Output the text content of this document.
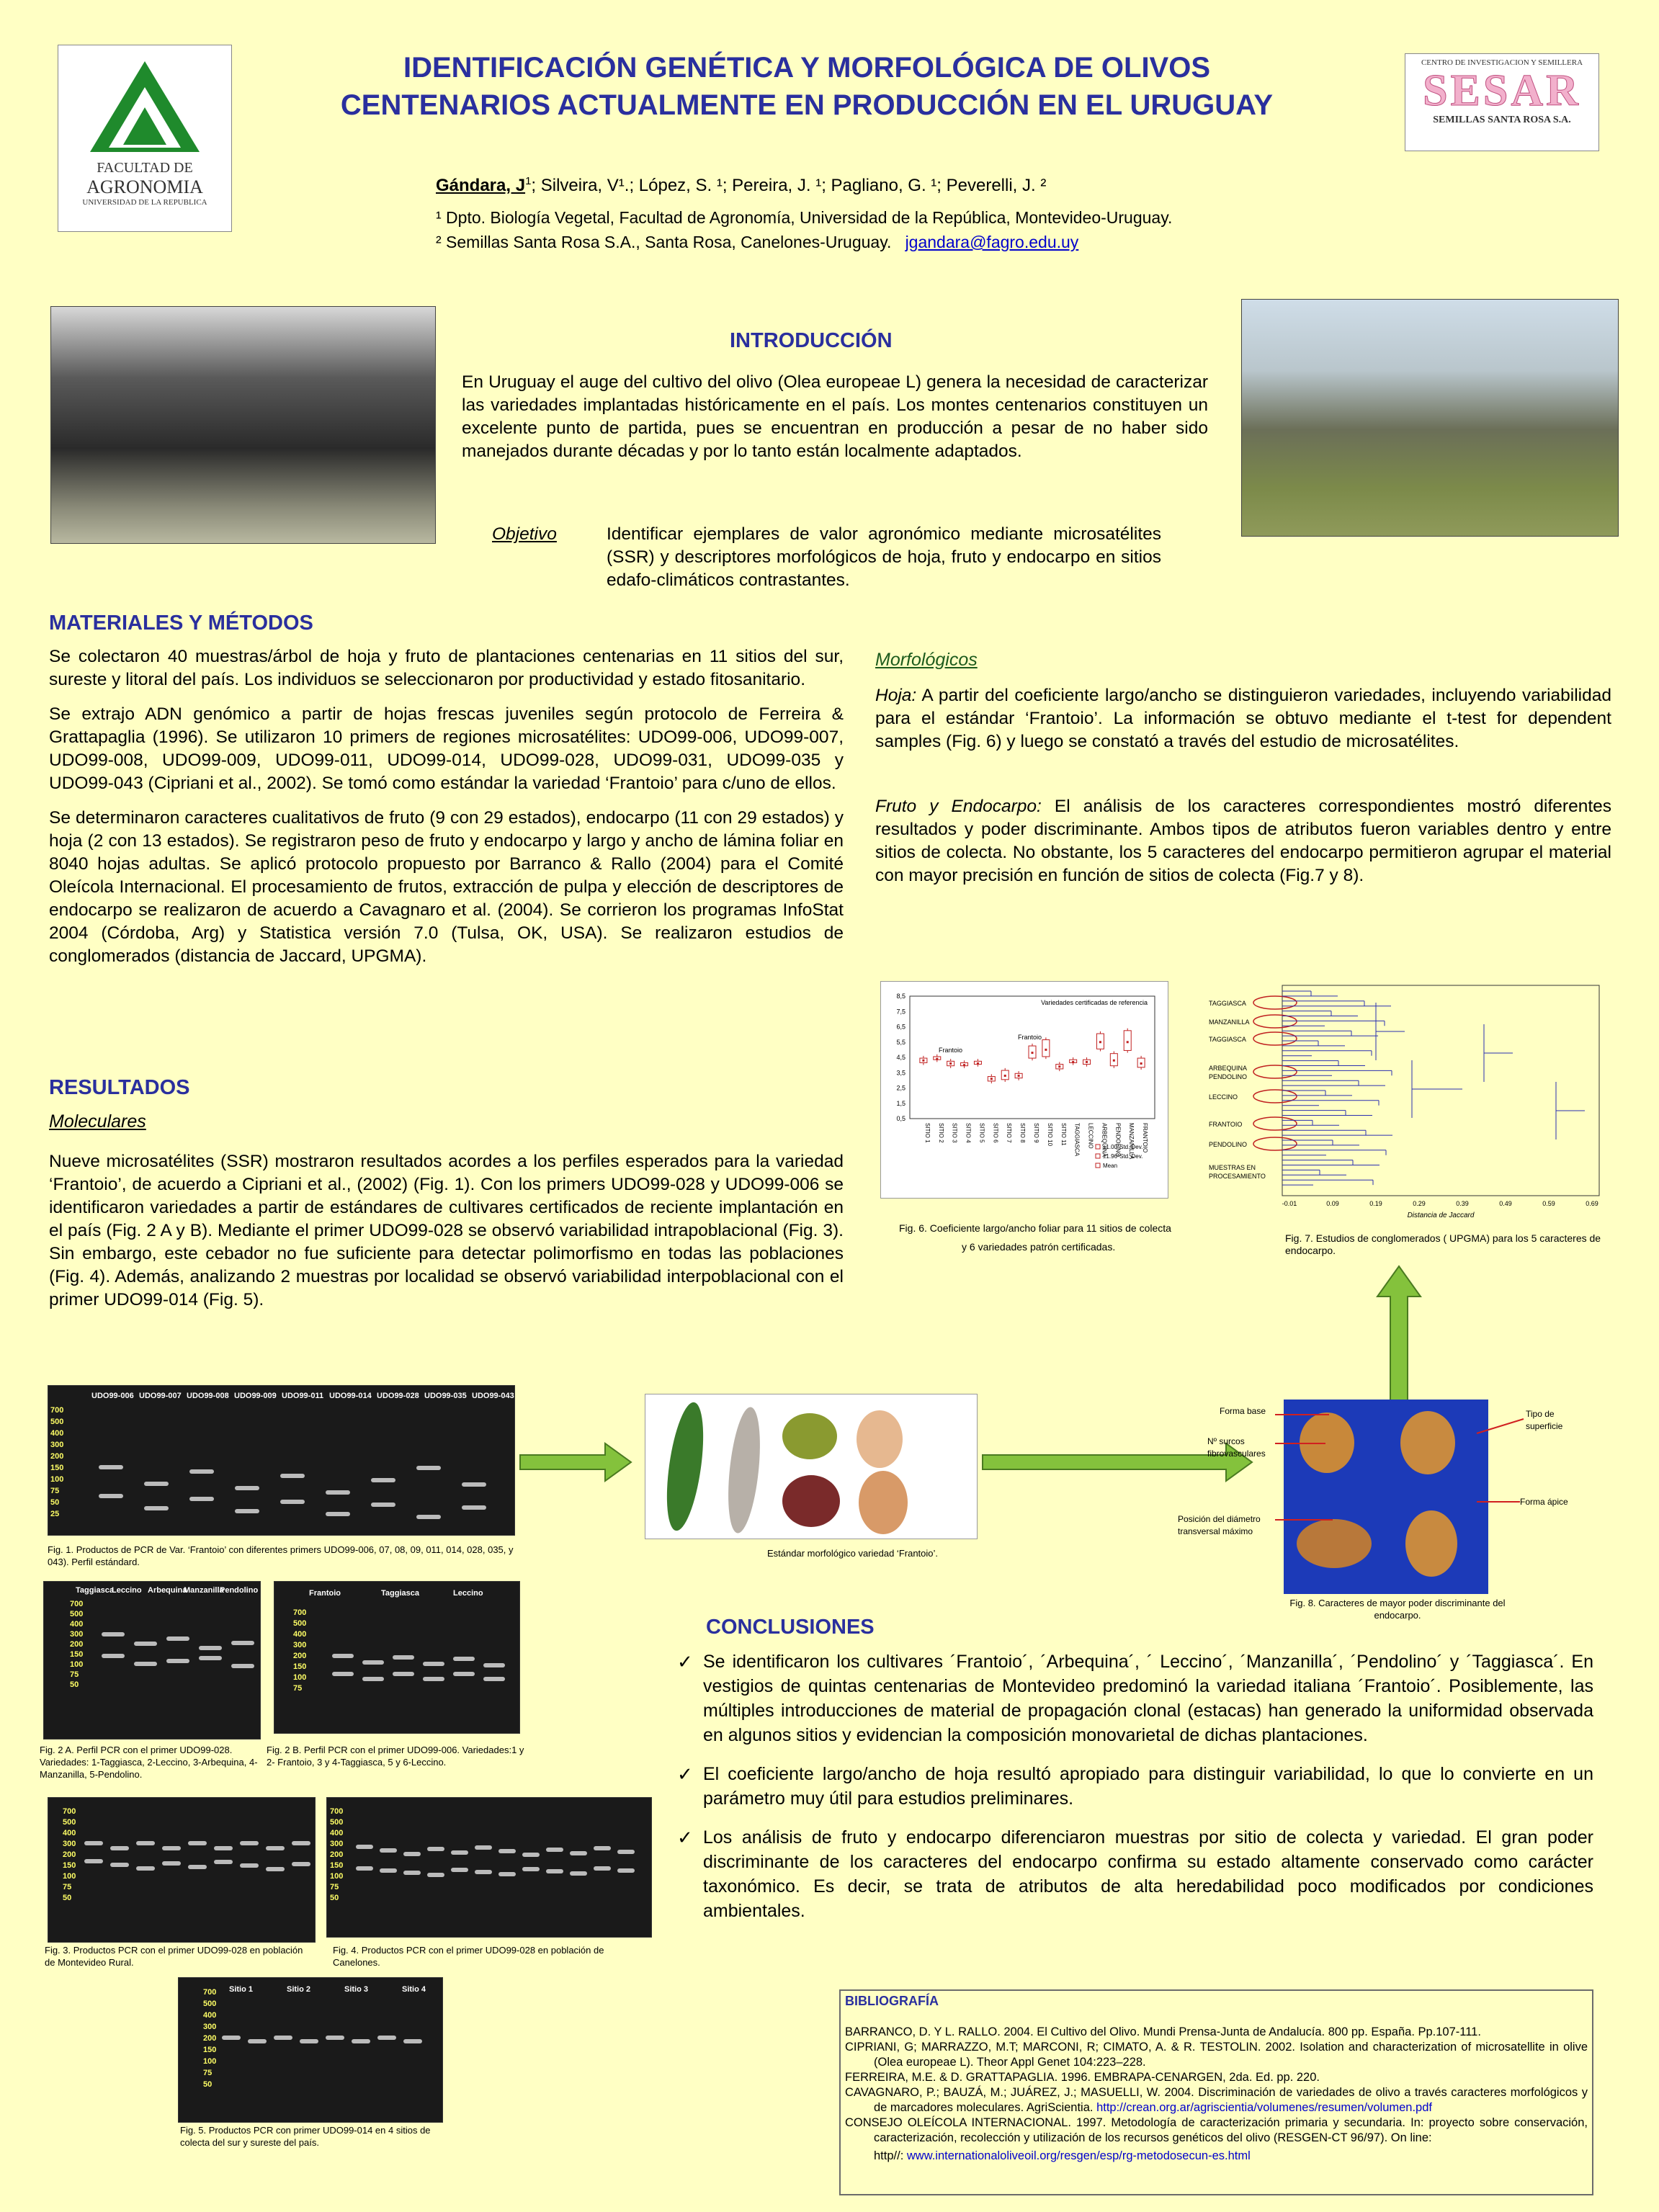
FACULTAD DE
AGRONOMIA
UNIVERSIDAD DE LA REPUBLICA
IDENTIFICACIÓN GENÉTICA Y MORFOLÓGICA DE OLIVOS
CENTENARIOS ACTUALMENTE EN PRODUCCIÓN EN EL URUGUAY
CENTRO DE INVESTIGACION Y SEMILLERA
SESAR
SEMILLAS SANTA ROSA S.A.
Gándara, $J^1$; Silveira, V¹.; López, S. ¹; Pereira, J. ¹; Pagliano, G. ¹; Peverelli, J. ²
¹ Dpto. Biología Vegetal, Facultad de Agronomía, Universidad de la República, Montevideo-Uruguay.
² Semillas Santa Rosa S.A., Santa Rosa, Canelones-Uruguay. jgandara@fagro.edu.uy
INTRODUCCIÓN
En Uruguay el auge del cultivo del olivo (Olea europeae L) genera la necesidad de caracterizar las variedades implantadas históricamente en el país. Los montes centenarios constituyen un excelente punto de partida, pues se encuentran en producción a pesar de no haber sido manejados durante décadas y por lo tanto están localmente adaptados.
Objetivo	Identificar ejemplares de valor agronómico mediante microsatélites (SSR) y descriptores morfológicos de hoja, fruto y endocarpo en sitios edafo-climáticos contrastantes.
MATERIALES Y MÉTODOS

Se colectaron 40 muestras/árbol de hoja y fruto de plantaciones centenarias en 11 sitios del sur, sureste y litoral del país. Los individuos se seleccionaron por productividad y estado fitosanitario.

Se extrajo ADN genómico a partir de hojas frescas juveniles según protocolo de Ferreira & Grattapaglia (1996). Se utilizaron 10 primers de regiones microsatélites: UDO99-006, UDO99-007, UDO99-008, UDO99-009, UDO99-011, UDO99-014, UDO99-028, UDO99-031, UDO99-035 y UDO99-043 (Cipriani et al., 2002). Se tomó como estándar la variedad ‘Frantoio’ para c/uno de ellos.

Se determinaron caracteres cualitativos de fruto (9 con 29 estados), endocarpo (11 con 29 estados) y hoja (2 con 13 estados). Se registraron peso de fruto y endocarpo y largo y ancho de lámina foliar en 8040 hojas adultas. Se aplicó protocolo propuesto por Barranco & Rallo (2004) para el Comité Oleícola Internacional. El procesamiento de frutos, extracción de pulpa y elección de descriptores de endocarpo se realizaron de acuerdo a Cavagnaro et al. (2004). Se corrieron los programas InfoStat 2004 (Córdoba, Arg) y Statistica versión 7.0 (Tulsa, OK, USA). Se realizaron estudios de conglomerados (distancia de Jaccard, UPGMA).

RESULTADOS
Moleculares
Nueve microsatélites (SSR) mostraron resultados acordes a los perfiles esperados para la variedad ‘Frantoio’, de acuerdo a Cipriani et al., (2002) (Fig. 1). Con los primers UDO99-028 y UDO99-006 se identificaron variedades a partir de estándares de cultivares certificados de reciente implantación en el país (Fig. 2 A y B). Mediante el primer UDO99-028 se observó variabilidad intrapoblacional (Fig. 3). Sin embargo, este cebador no fue suficiente para detectar polimorfismo en todas las poblaciones (Fig. 4). Además, analizando 2 muestras por localidad se observó variabilidad interpoblacional con el primer UDO99-014 (Fig. 5).
Morfológicos
Hoja: A partir del coeficiente largo/ancho se distinguieron variedades, incluyendo variabilidad para el estándar ‘Frantoio’. La información se obtuvo mediante el t-test for dependent samples (Fig. 6) y luego se constató a través del estudio de microsatélites.
Fruto y Endocarpo: El análisis de los caracteres correspondientes mostró diferentes resultados y poder discriminante. Ambos tipos de atributos fueron variables dentro y entre sitios de colecta. No obstante, los 5 caracteres del endocarpo permitieron agrupar el material con mayor precisión en función de sitios de colecta (Fig.7 y 8).
8,5
7,5
6,5
5,5
4,5
3,5
2,5
1,5
0,5
SITIO 1 SITIO 2 SITIO 3 SITIO 4 SITIO 5 SITIO 6 SITIO 7 SITIO 8 SITIO 9 SITIO 10 SITIO 11 TAGGIASCA LECCINO ARBEQUINA PENDOLINO MANZANILLA FRANTOIO
Variedades certificadas de referencia
Frantoio
Frantoio
±1.00*Std. Dev.
±1.96*Std. Dev.
Mean
Fig. 6. Coeficiente largo/ancho foliar para 11 sitios de colecta
y 6 variedades patrón certificadas.
TAGGIASCA
MANZANILLA
TAGGIASCA
ARBEQUINA
PENDOLINO
LECCINO
FRANTOIO
PENDOLINO
MUESTRAS EN
PROCESAMIENTO
-0.01	0.09	0.19	0.29	0.39	0.49	0.59	0.69
Distancia de Jaccard
Fig. 7. Estudios de conglomerados ( UPGMA) para los 5 caracteres de endocarpo.
UDO99-006 UDO99-007 UDO99-008 UDO99-009 UDO99-011 UDO99-014 UDO99-028 UDO99-035 UDO99-043
700
500
400
300
200
150
100
75
50
25
Fig. 1. Productos de PCR de Var. ‘Frantoio’ con diferentes primers UDO99-006, 07, 08, 09, 011, 014, 028, 035, y 043). Perfil estándard.
Estándar morfológico variedad ‘Frantoio’.
Forma base
Nº surcos fibrovasculares
Posición del diámetro transversal máximo
Tipo de superficie
Forma ápice
Fig. 8. Caracteres de mayor poder discriminante del endocarpo.
Taggiasca
Leccino Arbequina
Manzanilla
Pendolino
700
500
400
300
200
150
100
75
50
Fig. 2 A. Perfil PCR con el primer UDO99-028. Variedades: 1-Taggiasca, 2-Leccino, 3-Arbequina, 4- Manzanilla, 5-Pendolino.
Frantoio	Taggiasca	Leccino
700
500
400
300
200
150
100
75
Fig. 2 B. Perfil PCR con el primer UDO99-006. Variedades:1 y 2- Frantoio, 3 y 4-Taggiasca, 5 y 6-Leccino.
700
500
400
300
200
150
100
75
50
Fig. 3. Productos PCR con el primer UDO99-028 en población de Montevideo Rural.
700
500
400
300
200
150
100
75
50
Fig. 4. Productos PCR con el primer UDO99-028 en población de Canelones.
Sitio 1	Sitio 2	Sitio 3	Sitio 4
700
500
400
300
200
150
100
75
50
Fig. 5. Productos PCR con primer UDO99-014 en 4 sitios de colecta del sur y sureste del país.
CONCLUSIONES
✓ Se identificaron los cultivares ´Frantoio´, ´Arbequina´, ´ Leccino´, ´Manzanilla´, ´Pendolino´ y ´Taggiasca´. En vestigios de quintas centenarias de Montevideo predominó la variedad italiana ´Frantoio´. Posiblemente, las múltiples introducciones de material de propagación clonal (estacas) han generado la uniformidad observada en algunos sitios y evidencian la composición monovarietal de dichas plantaciones.
✓ El coeficiente largo/ancho de hoja resultó apropiado para distinguir variabilidad, lo que lo convierte en un parámetro muy útil para estudios preliminares.
✓ Los análisis de fruto y endocarpo diferenciaron muestras por sitio de colecta y variedad. El gran poder discriminante de los caracteres del endocarpo confirma su estado altamente conservado como carácter taxonómico. Es decir, se trata de atributos de alta heredabilidad poco modificados por condiciones ambientales.
BIBLIOGRAFÍA
BARRANCO, D. Y L. RALLO. 2004. El Cultivo del Olivo. Mundi Prensa-Junta de Andalucía. 800 pp. España. Pp.107-111.
CIPRIANI, G; MARRAZZO, M.T; MARCONI, R; CIMATO, A. & R. TESTOLIN. 2002. Isolation and characterization of microsatellite in olive (Olea europeae L). Theor Appl Genet 104:223–228.
FERREIRA, M.E. & D. GRATTAPAGLIA. 1996. EMBRAPA-CENARGEN, 2da. Ed. pp. 220.
CAVAGNARO, P.; BAUZÁ, M.; JUÁREZ, J.; MASUELLI, W. 2004. Discriminación de variedades de olivo a través caracteres morfológicos y de marcadores moleculares. AgriScientia. http://crean.org.ar/agriscientia/volumenes/resumen/volumen.pdf
CONSEJO OLEÍCOLA INTERNACIONAL. 1997. Metodología de caracterización primaria y secundaria. In: proyecto sobre conservación, caracterización, recolección y utilización de los recursos genéticos del olivo (RESGEN-CT 96/97). On line:
http//: www.internationaloliveoil.org/resgen/esp/rg-metodosecun-es.html
